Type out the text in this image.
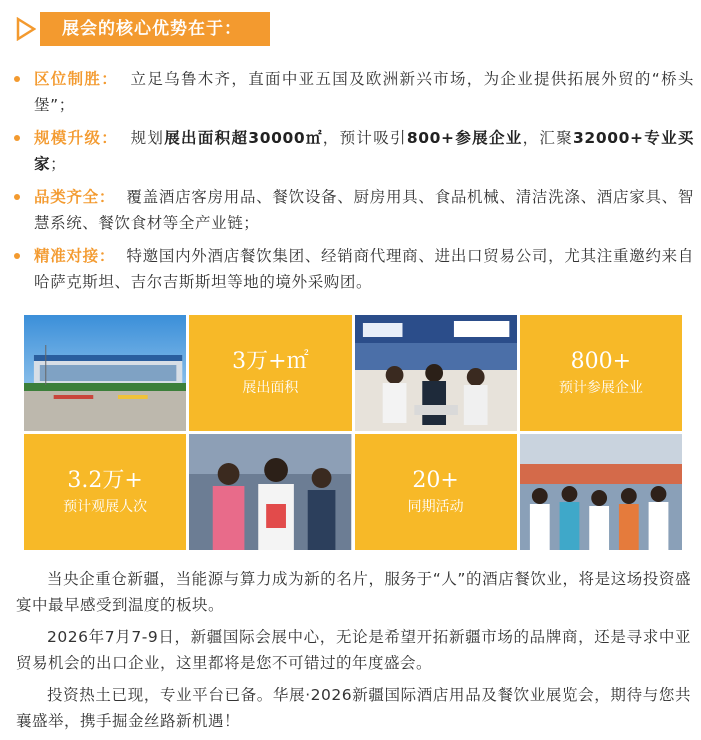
展会的核心优势在于：
区位制胜： 立足乌鲁木齐，直面中亚五国及欧洲新兴市场，为企业提供拓展外贸的“桥头堡”；
规模升级： 规划展出面积超30000㎡，预计吸引800+参展企业，汇聚32000+专业买家；
品类齐全： 覆盖酒店客房用品、餐饮设备、厨房用具、食品机械、清洁洗涤、酒店家具、智慧系统、餐饮食材等全产业链；
精准对接： 特邀国内外酒店餐饮集团、经销商代理商、进出口贸易公司，尤其注重邀约来自哈萨克斯坦、吉尔吉斯斯坦等地的境外采购团。
3万+㎡
展出面积
800+
预计参展企业
3.2万+
预计观展人次
20+
同期活动

当央企重仓新疆，当能源与算力成为新的名片，服务于“人”的酒店餐饮业，将是这场投资盛宴中最早感受到温度的板块。

2026年7月7-9日，新疆国际会展中心，无论是希望开拓新疆市场的品牌商，还是寻求中亚贸易机会的出口企业，这里都将是您不可错过的年度盛会。

投资热土已现，专业平台已备。华展·2026新疆国际酒店用品及餐饮业展览会，期待与您共襄盛举，携手掘金丝路新机遇！
